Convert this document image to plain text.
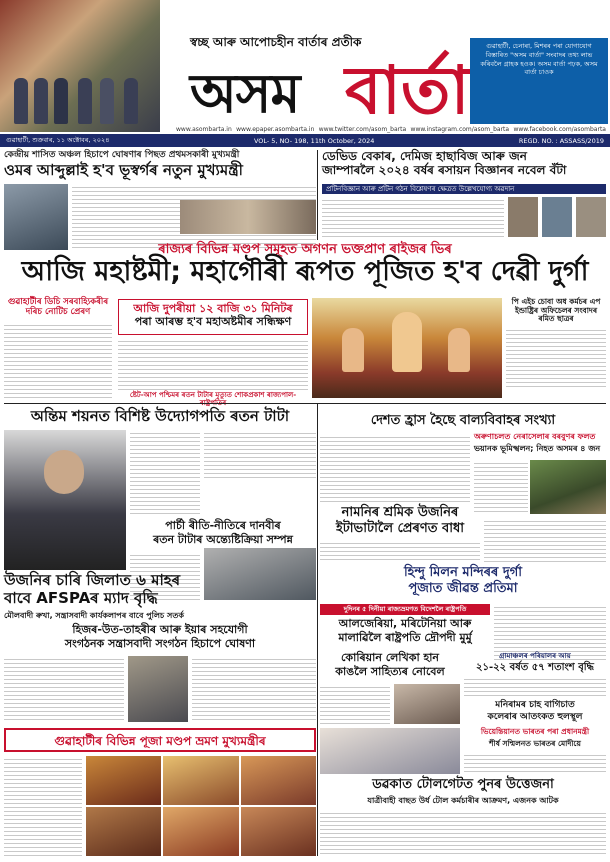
স্বচ্ছ আৰু আপোচহীন বাৰ্তাৰ প্ৰতীক
অসম বাৰ্তা
গুৱাহাটী, চেনাৰা, মিশৰৰ পৰা যোগাযোগ বিস্তাৰিত "অসম বাৰ্তা" সংবাদৰ তথ্য লাভ কৰিবলৈ গ্ৰাহক হওক। অসম বাৰ্তা পঢ়ক, অসম বাৰ্তা চাওক
www.asombarta.in www.epaper.asombarta.in www.twitter.com/asom_barta www.instagram.com/asom_barta www.facebook.com/asombarta
গুৱাহাটী, শুক্ৰবাৰ, ১১ অক্টোবৰ, ২০২৪	VOL- 5, NO- 198, 11th October, 2024	REGD. NO. : ASSASS/2019
কেন্দ্ৰীয় শাসিত অঞ্চল হিচাপে ঘোষণাৰ পিছত প্ৰথমসকাৰী মুখ্যমন্ত্ৰী
ওমৰ আব্দুল্লাই হ'ব ভূস্বৰ্গৰ নতুন মুখ্যমন্ত্ৰী
ডেভিড বেকাৰ, দেমিজ হাছাবিজ আৰু জন
জাম্পাৰলৈ ২০২৪ বৰ্ষৰ ৰসায়ন বিজ্ঞানৰ নবেল বঁটা
প্ৰটিনবিজ্ঞান আৰু প্ৰটিন গঠন বিশ্লেষণৰ ক্ষেত্ৰত উল্লেখযোগ্য অৱদান
ৰাজ্যৰ বিভিন্ন মণ্ডপ সমূহত অগণন ভক্তপ্ৰাণ ৰাইজৰ ভিৰ
আজি মহাষ্টমী; মহাগৌৰী ৰূপত পূজিত হ'ব দেৱী দুৰ্গা
গুৱাহাটীৰ ডিচি সৰবাহ্যিকৰীৰ দৰিচ নোটিচ প্ৰেৰণ	আজি দুপৰীয়া ১২ বাজি ৩১ মিনিটৰ
পৰা আৰম্ভ হ'ব মহাঅষ্টমীৰ সন্ধিক্ষণ
পি এইচ চোবা অধ কৰ্মচৰ এপ ইন্ডাষ্ট্ৰিৰ অফিচেলৰ সংবাদৰ ৰমিত ছাত্ৰৰ
ষ্টেট-আপ পশ্চিমৰ ৰতন টাটাৰ মৃত্যুত শোকপ্ৰকাশ ৰাজ্যপাল-
অন্তিম শয়নত বিশিষ্ট উদ্যোগপতি ৰতন টাটা
পাৰ্চী ৰীতি-নীতিৰে দানবীৰ
ৰতন টাটাৰ অন্ত্যেষ্টিক্ৰিয়া সম্পন্ন
দেশত হ্ৰাস হৈছে বাল্যবিবাহৰ সংখ্যা
অৰুণাচলত নেৰাসেলাৰ বৰবুণৰ ফলত
ভয়ানক ভূমিস্খলন; নিহত অসমৰ ৪ জন
নামনিৰ শ্ৰমিক উজনিৰ
ইটাভাটালৈ প্ৰেৰণত বাধা
হিন্দু মিলন মন্দিৰৰ দুৰ্গা
পূজাত জীৱন্ত প্ৰতিমা
উজনিৰ চাৰি জিলাত ৬ মাহৰ
বাবে AFSPAৰ ম্যাদ বৃদ্ধি
মৌলবাদী ৰুখা, সন্ত্ৰাসবাদী কাৰ্যকলাপৰ বাবে পুলিচ সতৰ্ক
দুদিনৰ ৫ দিনীয়া ৰাজ্যভ্ৰমণত বিদেশলৈ ৰাষ্ট্ৰপতি
আলজেৰিয়া, মৰিটেনিয়া আৰু
মালাৱিলৈ ৰাষ্ট্ৰপতি দ্ৰৌপদী মুৰ্মু
হিজৰ-উত-তাহৰীৰ আৰু ইয়াৰ সহযোগী
সংগঠনক সন্ত্ৰাসবাদী সংগঠন হিচাপে ঘোষণা
কোৰিয়ান লেখিকা হান
কাঙলৈ সাহিত্যৰ নোবেল
গ্ৰামাঞ্চলৰ পৰিয়ালৰ আয়
২১-২২ বৰ্ষত ৫৭ শতাংশ বৃদ্ধি
মনিৰামৰ চাহ বাগিচাত
কলেৰাৰ আতংকত হুলস্থূল
ভিয়েন্তিয়ানত ভাৰতৰ পৰা প্ৰধানমন্ত্ৰী
শীৰ্ষ সন্মিলনত ভাৰতৰ মোদীয়ে
গুৱাহাটীৰ বিভিন্ন পূজা মণ্ডপ ভ্ৰমণ মুখ্যমন্ত্ৰীৰ
ডৱকাত টোলগেটত পুনৰ উত্তেজনা
যাত্ৰীবাহী বাছত উৰ্ধ টোল কৰ্মচাৰীৰ আক্ৰমণ, এজনক আটক
